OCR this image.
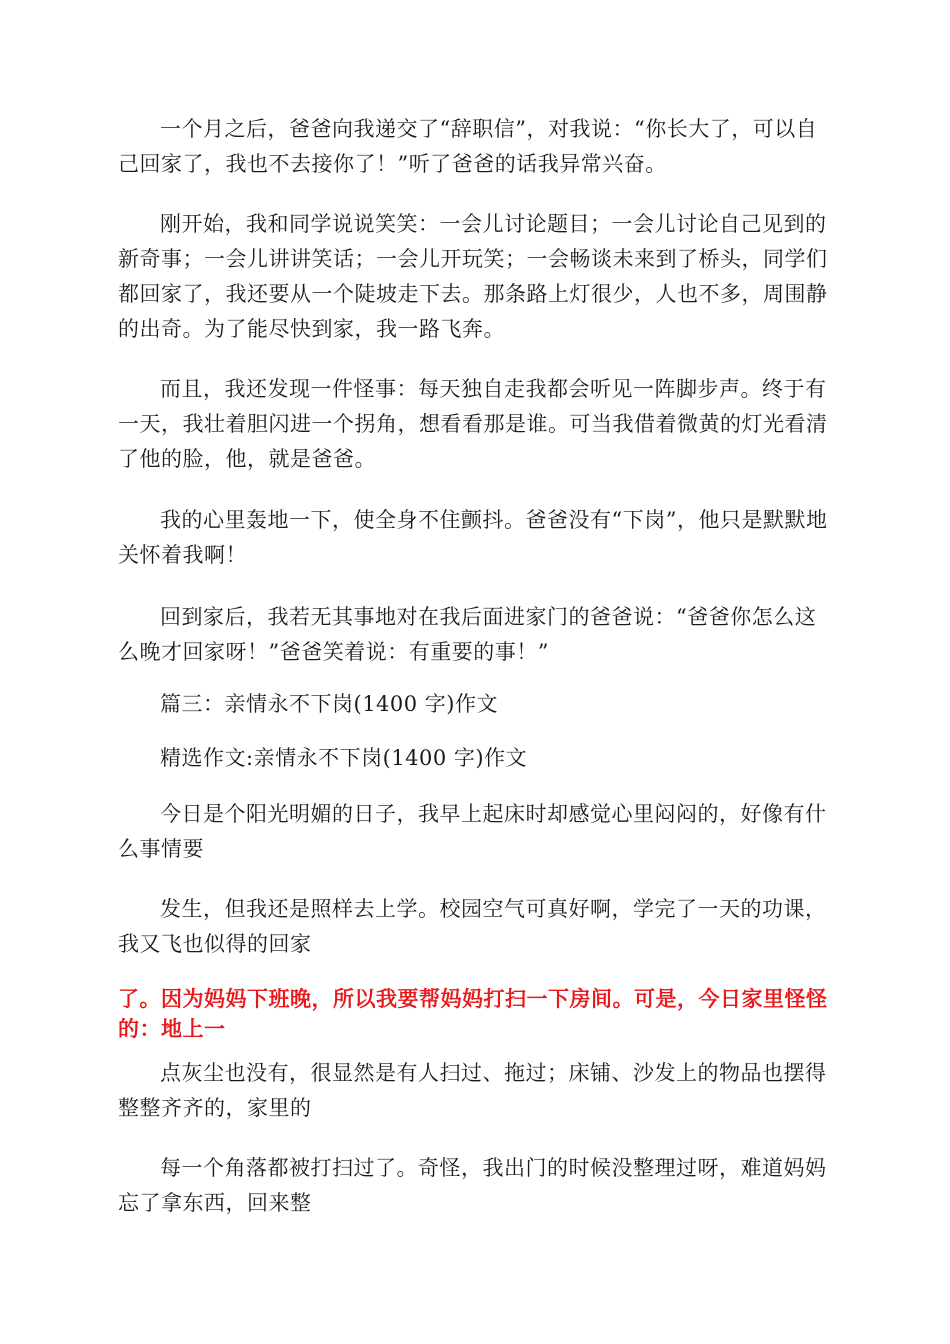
一个月之后，爸爸向我递交了“辞职信”，对我说：“你长大了，可以自己回家了，我也不去接你了！”听了爸爸的话我异常兴奋。

刚开始，我和同学说说笑笑：一会儿讨论题目；一会儿讨论自己见到的新奇事；一会儿讲讲笑话；一会儿开玩笑；一会畅谈未来到了桥头，同学们都回家了，我还要从一个陡坡走下去。那条路上灯很少，人也不多，周围静的出奇。为了能尽快到家，我一路飞奔。

而且，我还发现一件怪事：每天独自走我都会听见一阵脚步声。终于有一天，我壮着胆闪进一个拐角，想看看那是谁。可当我借着微黄的灯光看清了他的脸，他，就是爸爸。

我的心里轰地一下，使全身不住颤抖。爸爸没有“下岗”，他只是默默地关怀着我啊！

回到家后，我若无其事地对在我后面进家门的爸爸说：“爸爸你怎么这么晚才回家呀！”爸爸笑着说：有重要的事！”

篇三：亲情永不下岗(1400 字)作文

精选作文:亲情永不下岗(1400 字)作文

今日是个阳光明媚的日子，我早上起床时却感觉心里闷闷的，好像有什么事情要

发生，但我还是照样去上学。校园空气可真好啊，学完了一天的功课，我又飞也似得的回家

了。因为妈妈下班晚，所以我要帮妈妈打扫一下房间。可是，今日家里怪怪的：地上一

点灰尘也没有，很显然是有人扫过、拖过；床铺、沙发上的物品也摆得整整齐齐的，家里的

每一个角落都被打扫过了。奇怪，我出门的时候没整理过呀，难道妈妈忘了拿东西，回来整
